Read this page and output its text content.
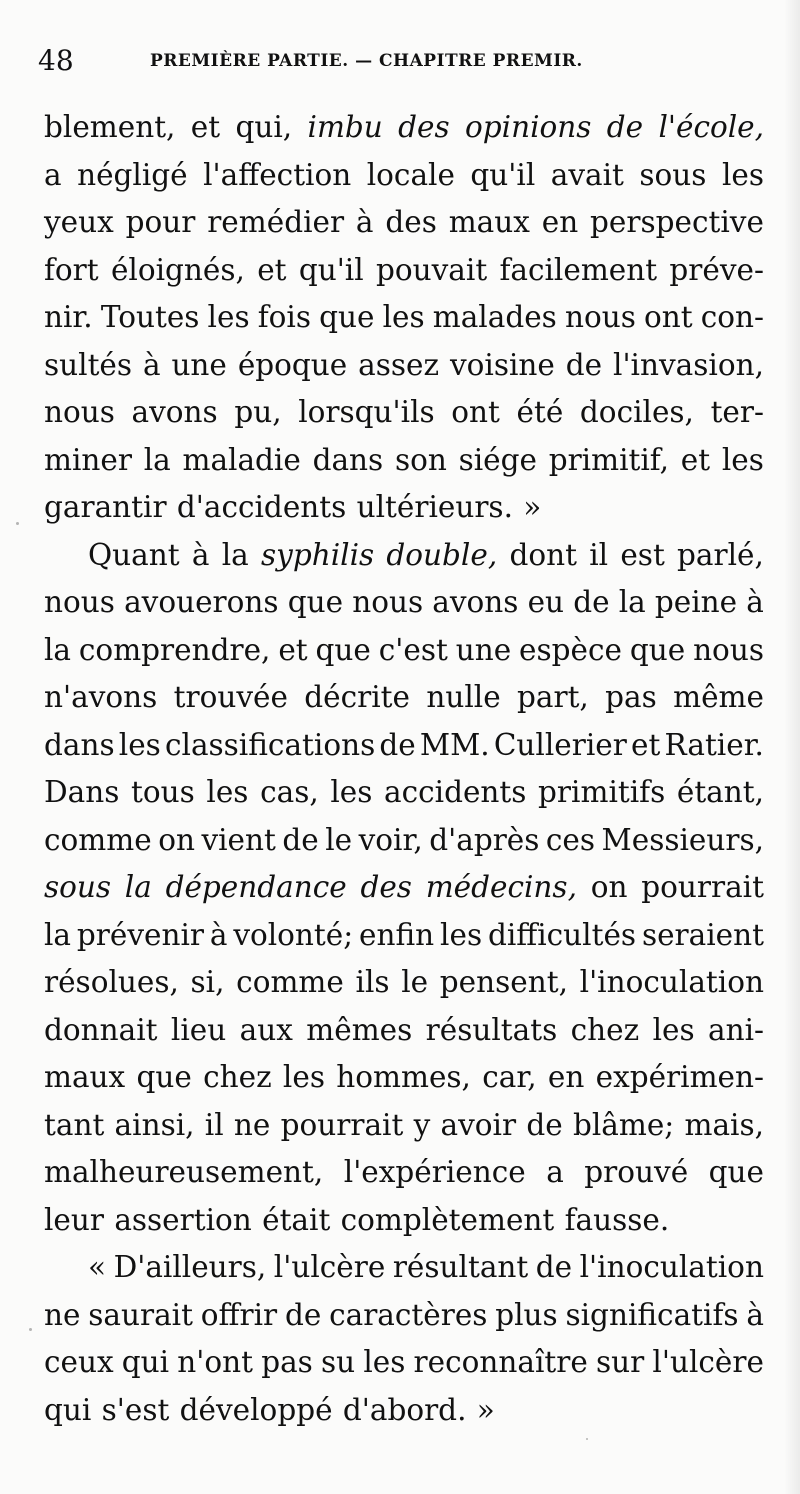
48	PREMIÈRE PARTIE. — CHAPITRE PREMIR.
blement, et qui, imbu des opinions de l'école,
a négligé l'affection locale qu'il avait sous les
yeux pour remédier à des maux en perspective
fort éloignés, et qu'il pouvait facilement préve-
nir. Toutes les fois que les malades nous ont con-
sultés à une époque assez voisine de l'invasion,
nous avons pu, lorsqu'ils ont été dociles, ter-
miner la maladie dans son siége primitif, et les
garantir d'accidents ultérieurs. »
Quant à la syphilis double, dont il est parlé,
nous avouerons que nous avons eu de la peine à
la comprendre, et que c'est une espèce que nous
n'avons trouvée décrite nulle part, pas même
dans les classifications de MM. Cullerier et Ratier.
Dans tous les cas, les accidents primitifs étant,
comme on vient de le voir, d'après ces Messieurs,
sous la dépendance des médecins, on pourrait
la prévenir à volonté; enfin les difficultés seraient
résolues, si, comme ils le pensent, l'inoculation
donnait lieu aux mêmes résultats chez les ani-
maux que chez les hommes, car, en expérimen-
tant ainsi, il ne pourrait y avoir de blâme; mais,
malheureusement, l'expérience a prouvé que
leur assertion était complètement fausse.
« D'ailleurs, l'ulcère résultant de l'inoculation
ne saurait offrir de caractères plus significatifs à
ceux qui n'ont pas su les reconnaître sur l'ulcère
qui s'est développé d'abord. »
